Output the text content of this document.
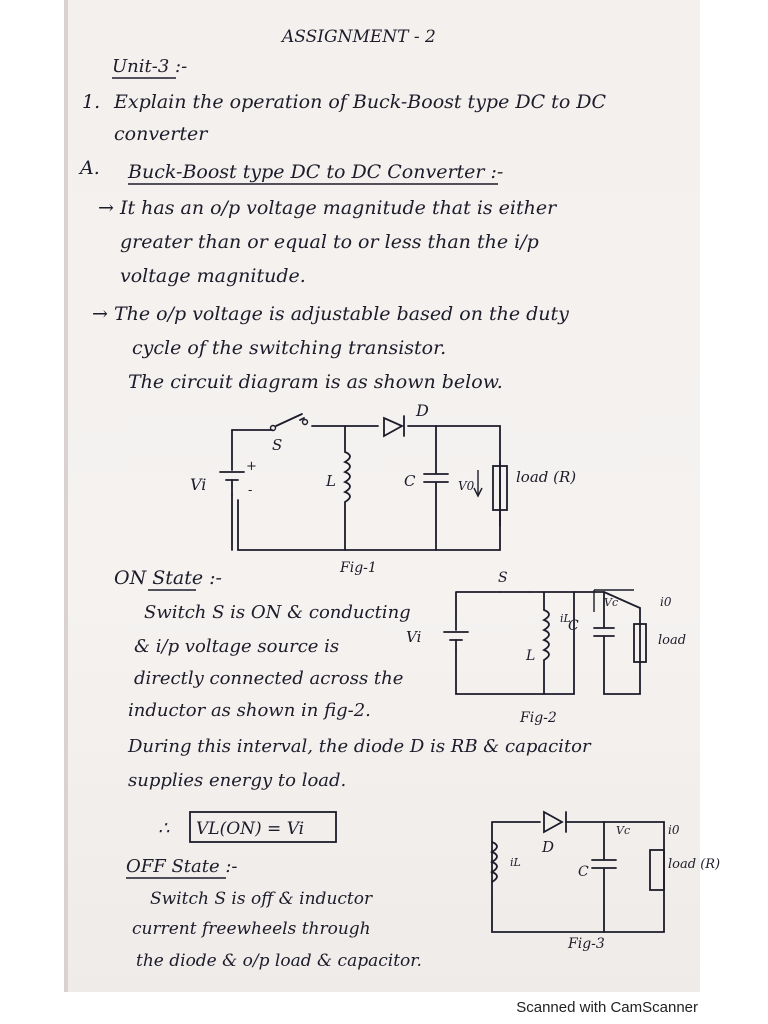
ASSIGNMENT - 2
Unit-3 :-
1. Explain the operation of Buck-Boost type DC to DC
converter
A. Buck-Boost type DC to DC Converter :-
→ It has an o/p voltage magnitude that is either
greater than or equal to or less than the i/p
voltage magnitude.
→ The o/p voltage is adjustable based on the duty
cycle of the switching transistor.
The circuit diagram is as shown below.
S
D
Vi
+
-
L	C	V0	load (R)
Fig-1
ON State :-
Switch S is ON & conducting
& i/p voltage source is
directly connected across the
inductor as shown in fig-2.
During this interval, the diode D is RB & capacitor
supplies energy to load.
∴ VL(ON) = Vi
S
Vi
L
C
iL
Vc	i0
load
Fig-2
OFF State :-
Switch S is off & inductor
current freewheels through
the diode & o/p load & capacitor.
D
C
iL
Vc	i0
load (R)
Fig-3
Scanned with CamScanner
